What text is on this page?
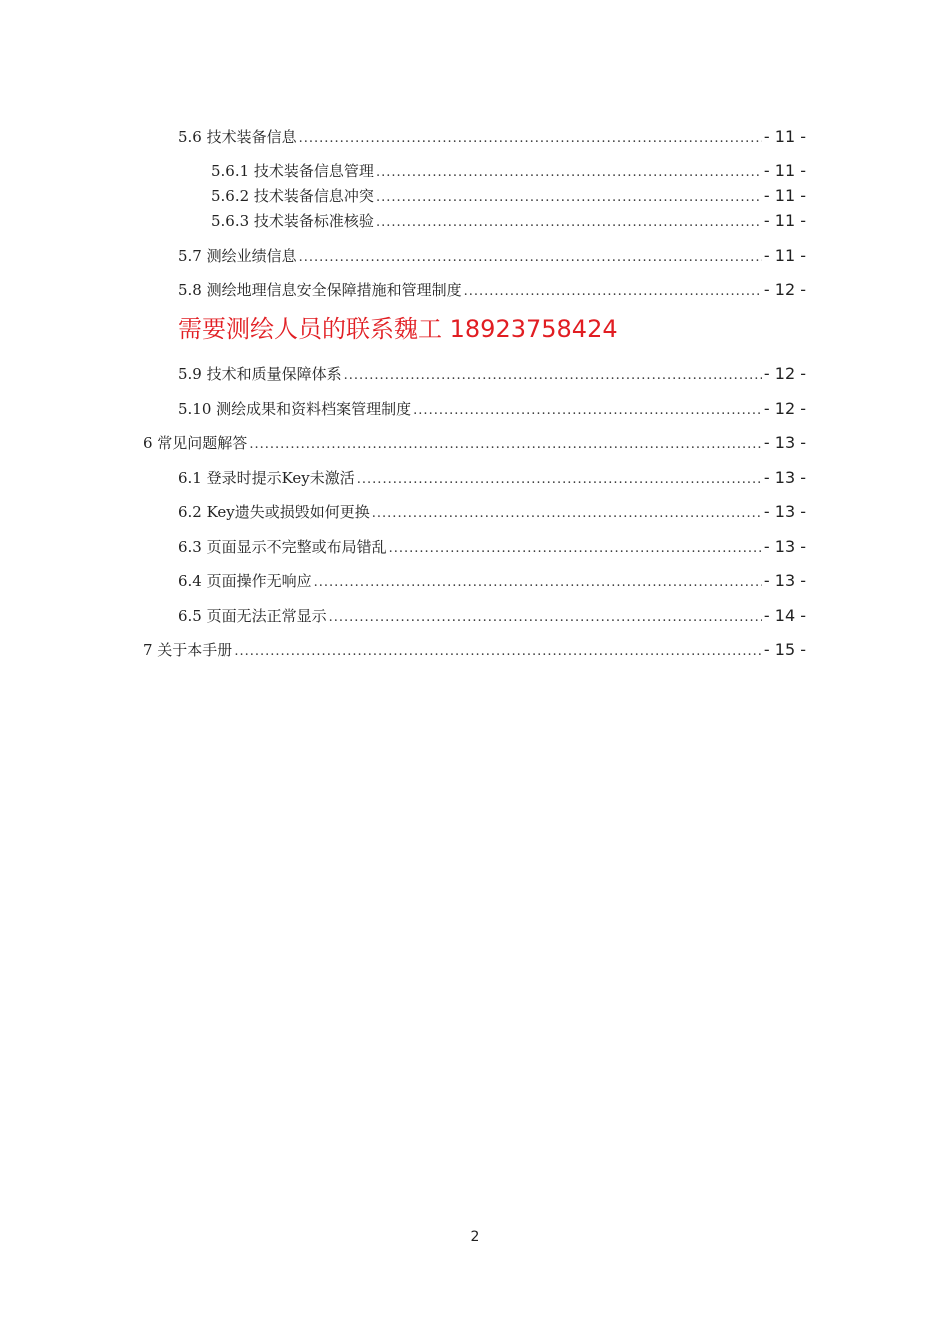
5.6 技术装备信息 .....	- 11 -
5.6.1 技术装备信息管理 .....	- 11 -
5.6.2 技术装备信息冲突 .....	- 11 -
5.6.3 技术装备标准核验 .....	- 11 -
5.7 测绘业绩信息 .....	- 11 -
5.8 测绘地理信息安全保障措施和管理制度 .....	- 12 -
需要测绘人员的联系魏工 18923758424
5.9 技术和质量保障体系 .....	- 12 -
5.10 测绘成果和资料档案管理制度 .....	- 12 -
6 常见问题解答 .....	- 13 -
6.1 登录时提示Key未激活 .....	- 13 -
6.2 Key遗失或损毁如何更换 .....	- 13 -
6.3 页面显示不完整或布局错乱 .....	- 13 -
6.4 页面操作无响应 .....	- 13 -
6.5 页面无法正常显示 .....	- 14 -
7 关于本手册 .....	- 15 -
2
